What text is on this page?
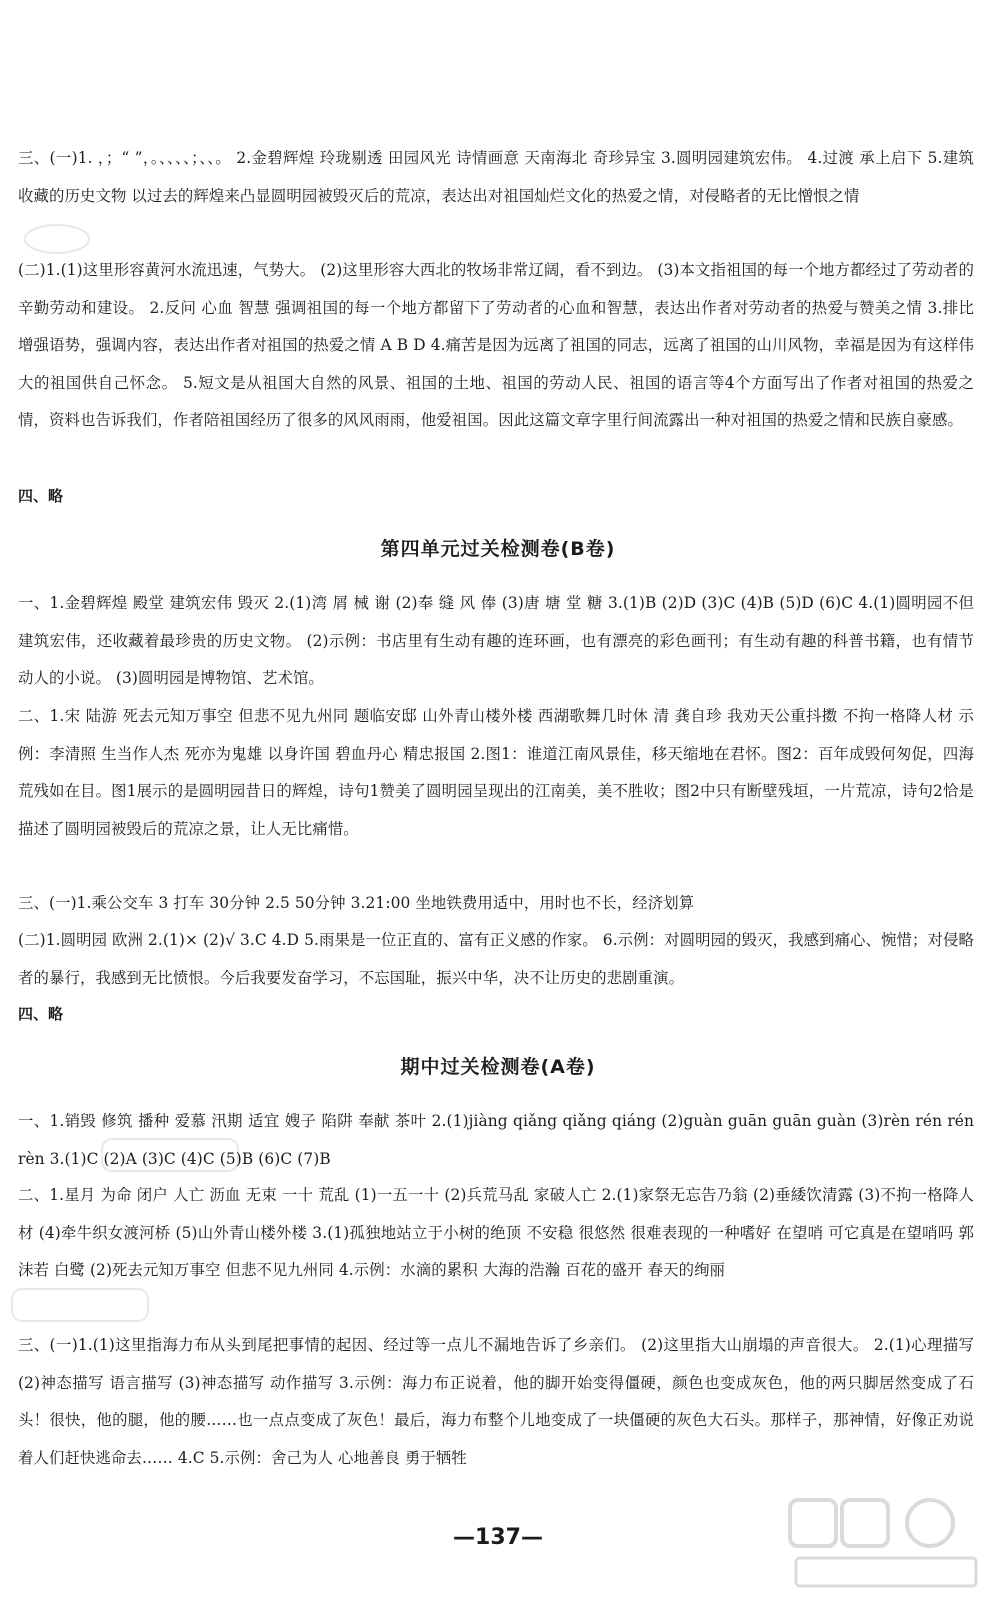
三、(一)1. ，；“ ”，。、、、、；、、。 2.金碧辉煌 玲珑剔透 田园风光 诗情画意 天南海北 奇珍异宝 3.圆明园建筑宏伟。 4.过渡 承上启下 5.建筑 收藏的历史文物 以过去的辉煌来凸显圆明园被毁灭后的荒凉，表达出对祖国灿烂文化的热爱之情，对侵略者的无比憎恨之情

(二)1.(1)这里形容黄河水流迅速，气势大。 (2)这里形容大西北的牧场非常辽阔，看不到边。 (3)本文指祖国的每一个地方都经过了劳动者的辛勤劳动和建设。 2.反问 心血 智慧 强调祖国的每一个地方都留下了劳动者的心血和智慧，表达出作者对劳动者的热爱与赞美之情 3.排比 增强语势，强调内容，表达出作者对祖国的热爱之情 A B D 4.痛苦是因为远离了祖国的同志，远离了祖国的山川风物，幸福是因为有这样伟大的祖国供自己怀念。 5.短文是从祖国大自然的风景、祖国的土地、祖国的劳动人民、祖国的语言等4个方面写出了作者对祖国的热爱之情，资料也告诉我们，作者陪祖国经历了很多的风风雨雨，他爱祖国。因此这篇文章字里行间流露出一种对祖国的热爱之情和民族自豪感。

四、略

第四单元过关检测卷(B卷)

一、1.金碧辉煌 殿堂 建筑宏伟 毁灭 2.(1)湾 屑 械 谢 (2)奉 缝 风 俸 (3)唐 塘 堂 糖 3.(1)B (2)D (3)C (4)B (5)D (6)C 4.(1)圆明园不但建筑宏伟，还收藏着最珍贵的历史文物。 (2)示例：书店里有生动有趣的连环画，也有漂亮的彩色画刊；有生动有趣的科普书籍，也有情节动人的小说。 (3)圆明园是博物馆、艺术馆。

二、1.宋 陆游 死去元知万事空 但悲不见九州同 题临安邸 山外青山楼外楼 西湖歌舞几时休 清 龚自珍 我劝天公重抖擞 不拘一格降人材 示例：李清照 生当作人杰 死亦为鬼雄 以身许国 碧血丹心 精忠报国 2.图1：谁道江南风景佳，移天缩地在君怀。图2：百年成毁何匆促，四海荒残如在目。图1展示的是圆明园昔日的辉煌，诗句1赞美了圆明园呈现出的江南美，美不胜收；图2中只有断壁残垣，一片荒凉，诗句2恰是描述了圆明园被毁后的荒凉之景，让人无比痛惜。

三、(一)1.乘公交车 3 打车 30分钟 2.5 50分钟 3.21:00 坐地铁费用适中，用时也不长，经济划算

(二)1.圆明园 欧洲 2.(1)× (2)√ 3.C 4.D 5.雨果是一位正直的、富有正义感的作家。 6.示例：对圆明园的毁灭，我感到痛心、惋惜；对侵略者的暴行，我感到无比愤恨。今后我要发奋学习，不忘国耻，振兴中华，决不让历史的悲剧重演。

四、略

期中过关检测卷(A卷)

一、1.销毁 修筑 播种 爱慕 汛期 适宜 嫂子 陷阱 奉献 茶叶 2.(1)jiàng qiǎng qiǎng qiáng (2)guàn guān guān guàn (3)rèn rén rén rèn 3.(1)C (2)A (3)C (4)C (5)B (6)C (7)B

二、1.星月 为命 闭户 人亡 沥血 无束 一十 荒乱 (1)一五一十 (2)兵荒马乱 家破人亡 2.(1)家祭无忘告乃翁 (2)垂緌饮清露 (3)不拘一格降人材 (4)牵牛织女渡河桥 (5)山外青山楼外楼 3.(1)孤独地站立于小树的绝顶 不安稳 很悠然 很难表现的一种嗜好 在望哨 可它真是在望哨吗 郭沫若 白鹭 (2)死去元知万事空 但悲不见九州同 4.示例：水滴的累积 大海的浩瀚 百花的盛开 春天的绚丽

三、(一)1.(1)这里指海力布从头到尾把事情的起因、经过等一点儿不漏地告诉了乡亲们。 (2)这里指大山崩塌的声音很大。 2.(1)心理描写 (2)神态描写 语言描写 (3)神态描写 动作描写 3.示例：海力布正说着，他的脚开始变得僵硬，颜色也变成灰色，他的两只脚居然变成了石头！很快，他的腿，他的腰……也一点点变成了灰色！最后，海力布整个儿地变成了一块僵硬的灰色大石头。那样子，那神情，好像正劝说着人们赶快逃命去…… 4.C 5.示例：舍己为人 心地善良 勇于牺牲

—137—
